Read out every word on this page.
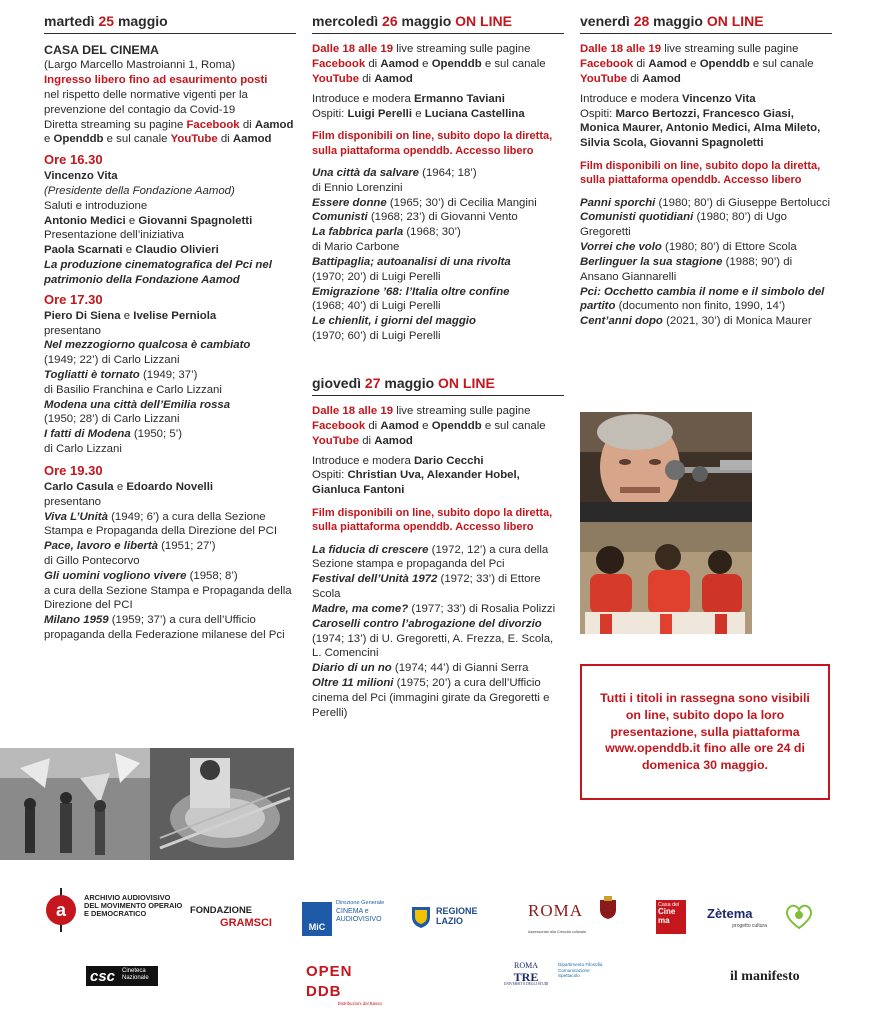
martedì 25 maggio
CASA DEL CINEMA
(Largo Marcello Mastroianni 1, Roma)
Ingresso libero fino ad esaurimento posti
nel rispetto delle normative vigenti per la prevenzione del contagio da Covid-19
Diretta streaming su pagine Facebook di Aamod e Openddb e sul canale YouTube di Aamod
Ore 16.30
Vincenzo Vita
(Presidente della Fondazione Aamod)
Saluti e introduzione
Antonio Medici e Giovanni Spagnoletti
Presentazione dell’iniziativa
Paola Scarnati e Claudio Olivieri
La produzione cinematografica del Pci nel patrimonio della Fondazione Aamod
Ore 17.30
Piero Di Siena e Ivelise Perniola
presentano
Nel mezzogiorno qualcosa è cambiato
(1949; 22’) di Carlo Lizzani
Togliatti è tornato (1949; 37’)
di Basilio Franchina e Carlo Lizzani
Modena una città dell’Emilia rossa
(1950; 28’) di Carlo Lizzani
I fatti di Modena (1950; 5’)
di Carlo Lizzani
Ore 19.30
Carlo Casula e Edoardo Novelli
presentano
Viva L’Unità (1949; 6’) a cura della Sezione Stampa e Propaganda della Direzione del PCI
Pace, lavoro e libertà (1951; 27’)
di Gillo Pontecorvo
Gli uomini vogliono vivere (1958; 8’)
a cura della Sezione Stampa e Propaganda della Direzione del PCI
Milano 1959 (1959; 37’) a cura dell’Ufficio propaganda della Federazione milanese del Pci
mercoledì 26 maggio ON LINE
Dalle 18 alle 19 live streaming sulle pagine Facebook di Aamod e Openddb e sul canale YouTube di Aamod
Introduce e modera Ermanno Taviani
Ospiti: Luigi Perelli e Luciana Castellina
Film disponibili on line, subito dopo la diretta, sulla piattaforma openddb. Accesso libero
Una città da salvare (1964; 18’)
di Ennio Lorenzini
Essere donne (1965; 30’) di Cecilia Mangini
Comunisti (1968; 23’) di Giovanni Vento
La fabbrica parla (1968; 30’)
di Mario Carbone
Battipaglia; autoanalisi di una rivolta
(1970; 20’) di Luigi Perelli
Emigrazione ’68: l’Italia oltre confine
(1968; 40’) di Luigi Perelli
Le chienlit, i giorni del maggio
(1970; 60’) di Luigi Perelli
giovedì 27 maggio ON LINE
Dalle 18 alle 19 live streaming sulle pagine Facebook di Aamod e Openddb e sul canale YouTube di Aamod
Introduce e modera Dario Cecchi
Ospiti: Christian Uva, Alexander Hobel, Gianluca Fantoni
Film disponibili on line, subito dopo la diretta, sulla piattaforma openddb. Accesso libero
La fiducia di crescere (1972, 12’) a cura della Sezione stampa e propaganda del Pci
Festival dell’Unità 1972 (1972; 33’) di Ettore Scola
Madre, ma come? (1977; 33’) di Rosalia Polizzi
Caroselli contro l’abrogazione del divorzio (1974; 13’) di U. Gregoretti, A. Frezza, E. Scola, L. Comencini
Diario di un no (1974; 44’) di Gianni Serra
Oltre 11 milioni (1975; 20’) a cura dell’Ufficio cinema del Pci (immagini girate da Gregoretti e Perelli)
venerdì 28 maggio ON LINE
Dalle 18 alle 19 live streaming sulle pagine Facebook di Aamod e Openddb e sul canale YouTube di Aamod
Introduce e modera Vincenzo Vita
Ospiti: Marco Bertozzi, Francesco Giasi, Monica Maurer, Antonio Medici, Alma Mileto, Silvia Scola, Giovanni Spagnoletti
Film disponibili on line, subito dopo la diretta, sulla piattaforma openddb. Accesso libero
Panni sporchi (1980; 80’) di Giuseppe Bertolucci
Comunisti quotidiani (1980; 80’) di Ugo Gregoretti
Vorrei che volo (1980; 80’) di Ettore Scola
Berlinguer la sua stagione (1988; 90’) di Ansano Giannarelli
Pci: Occhetto cambia il nome e il simbolo del partito (documento non finito, 1990, 14’)
Cent’anni dopo (2021, 30’) di Monica Maurer
Tutti i titoli in rassegna sono visibili on line, subito dopo la loro presentazione, sulla piattaforma www.openddb.it fino alle ore 24 di domenica 30 maggio.
a
ARCHIVIO AUDIOVISIVO DEL MOVIMENTO OPERAIO E DEMOCRATICO	FONDAZIONE
GRAMSCI	MiC
Direzione Generale
CINEMA e AUDIOVISIVO
REGIONE LAZIO
ROMA
Assessorato alla Crescita culturale
Casa del
Cine ma	Zètema
progetto cultura
csc Cineteca Nazionale	OPEN DDB
Distribuzioni dal Basso
ROMA
TRE
UNIVERSITÀ DEGLI STUDI
Dipartimento Filosofia Comunicazione Spettacolo	il manifesto
